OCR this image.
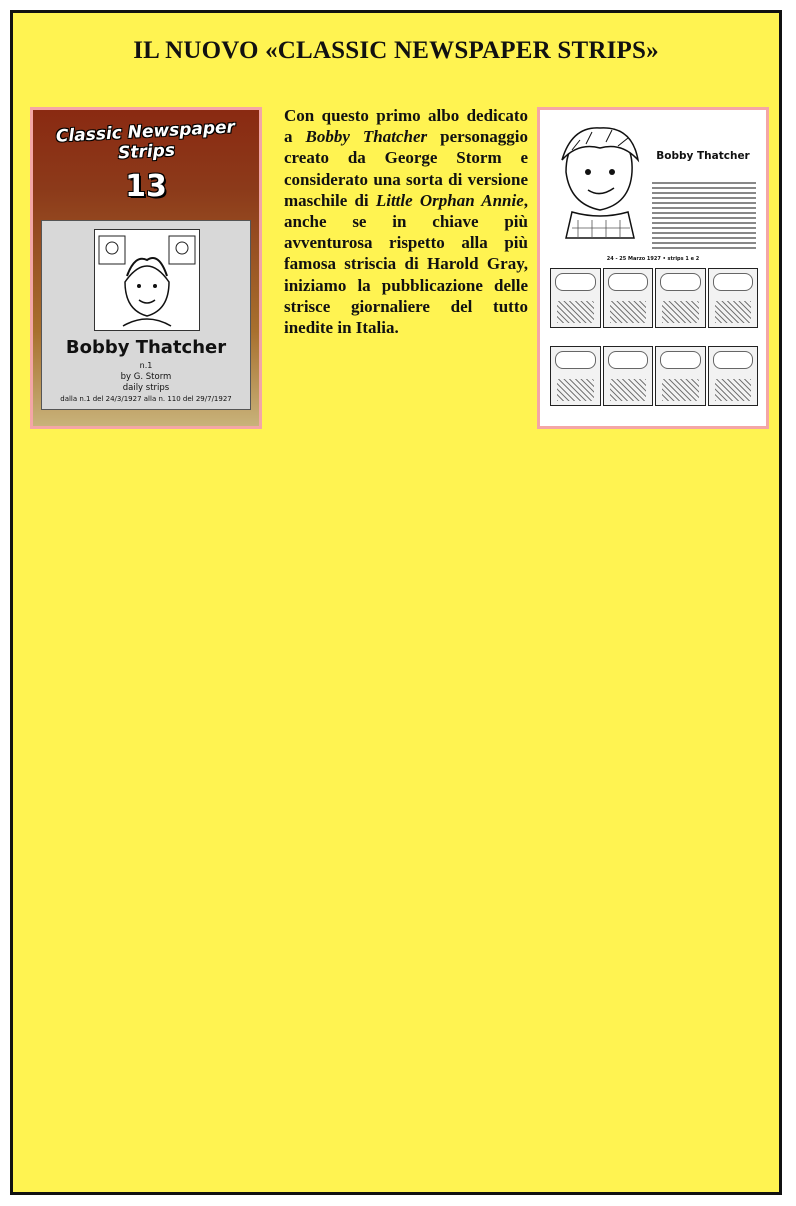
IL NUOVO «CLASSIC NEWSPAPER STRIPS»
Classic Newspaper Strips
13
Bobby Thatcher
n.1
by G. Storm
daily strips
dalla n.1 del 24/3/1927 alla n. 110 del 29/7/1927

Con questo primo albo dedicato a Bobby Thatcher personaggio creato da George Storm e considerato una sorta di versione maschile di Little Orphan Annie, anche se in chiave più avventurosa rispetto alla più famosa striscia di Harold Gray, iniziamo la pubblicazione delle strisce giornaliere del tutto inedite in Italia.

Bobby Thatcher
24 - 25 Marzo 1927 • strips 1 e 2
